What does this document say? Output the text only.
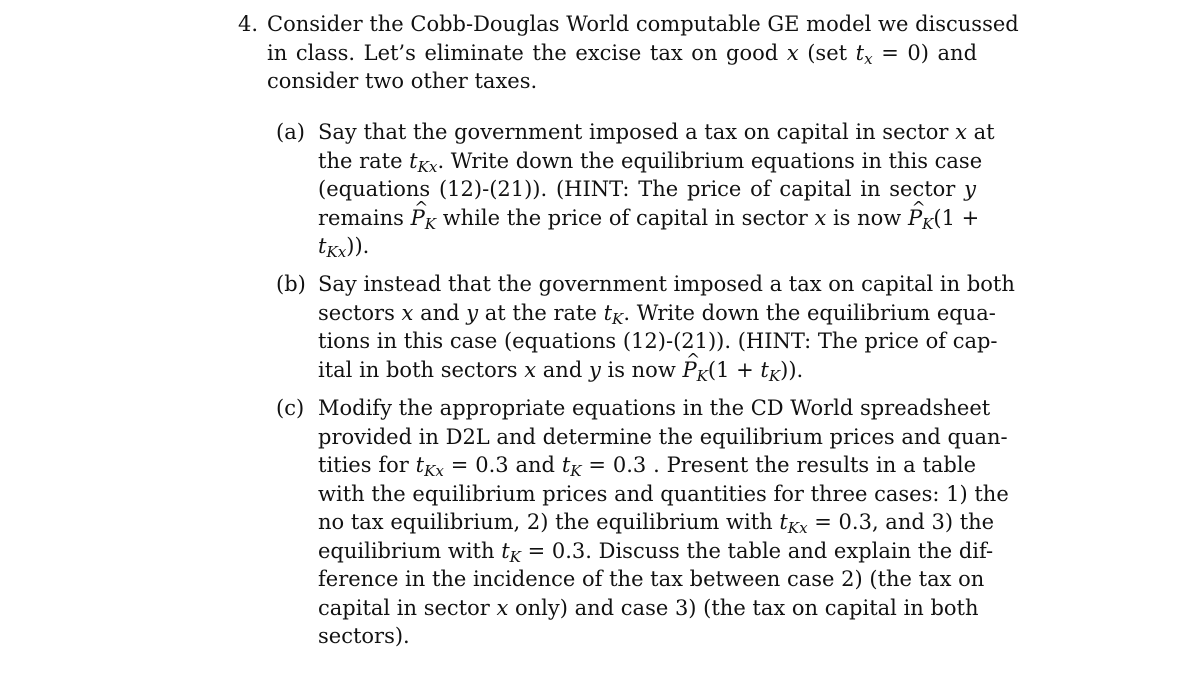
4. Consider the Cobb-Douglas World computable GE model we discussed
in class. Let’s eliminate the excise tax on good x (set $t_x = 0$) and
consider two other taxes.
(a) Say that the government imposed a tax on capital in sector x at
the rate $t_{Kx}$. Write down the equilibrium equations in this case
(equations (12)-(21)). (HINT: The price of capital in sector y
remains ^ $P_K$ while the price of capital in sector x is now ^ $P_K(1$ +
$t_{Kx}$)).
(b) Say instead that the government imposed a tax on capital in both
sectors x and y at the rate $t_K$. Write down the equilibrium equa-
tions in this case (equations (12)-(21)). (HINT: The price of cap-
ital in both sectors x and y is now ^ $P_K(1 + t_K)$).
(c) Modify the appropriate equations in the CD World spreadsheet
provided in D2L and determine the equilibrium prices and quan-
tities for $t_{Kx} = 0.3$ and $t_K = 0.3$ . Present the results in a table
with the equilibrium prices and quantities for three cases: 1) the
no tax equilibrium, 2) the equilibrium with $t_{Kx} = 0.3$, and 3) the
equilibrium with $t_K = 0.3$. Discuss the table and explain the dif-
ference in the incidence of the tax between case 2) (the tax on
capital in sector x only) and case 3) (the tax on capital in both
sectors).
